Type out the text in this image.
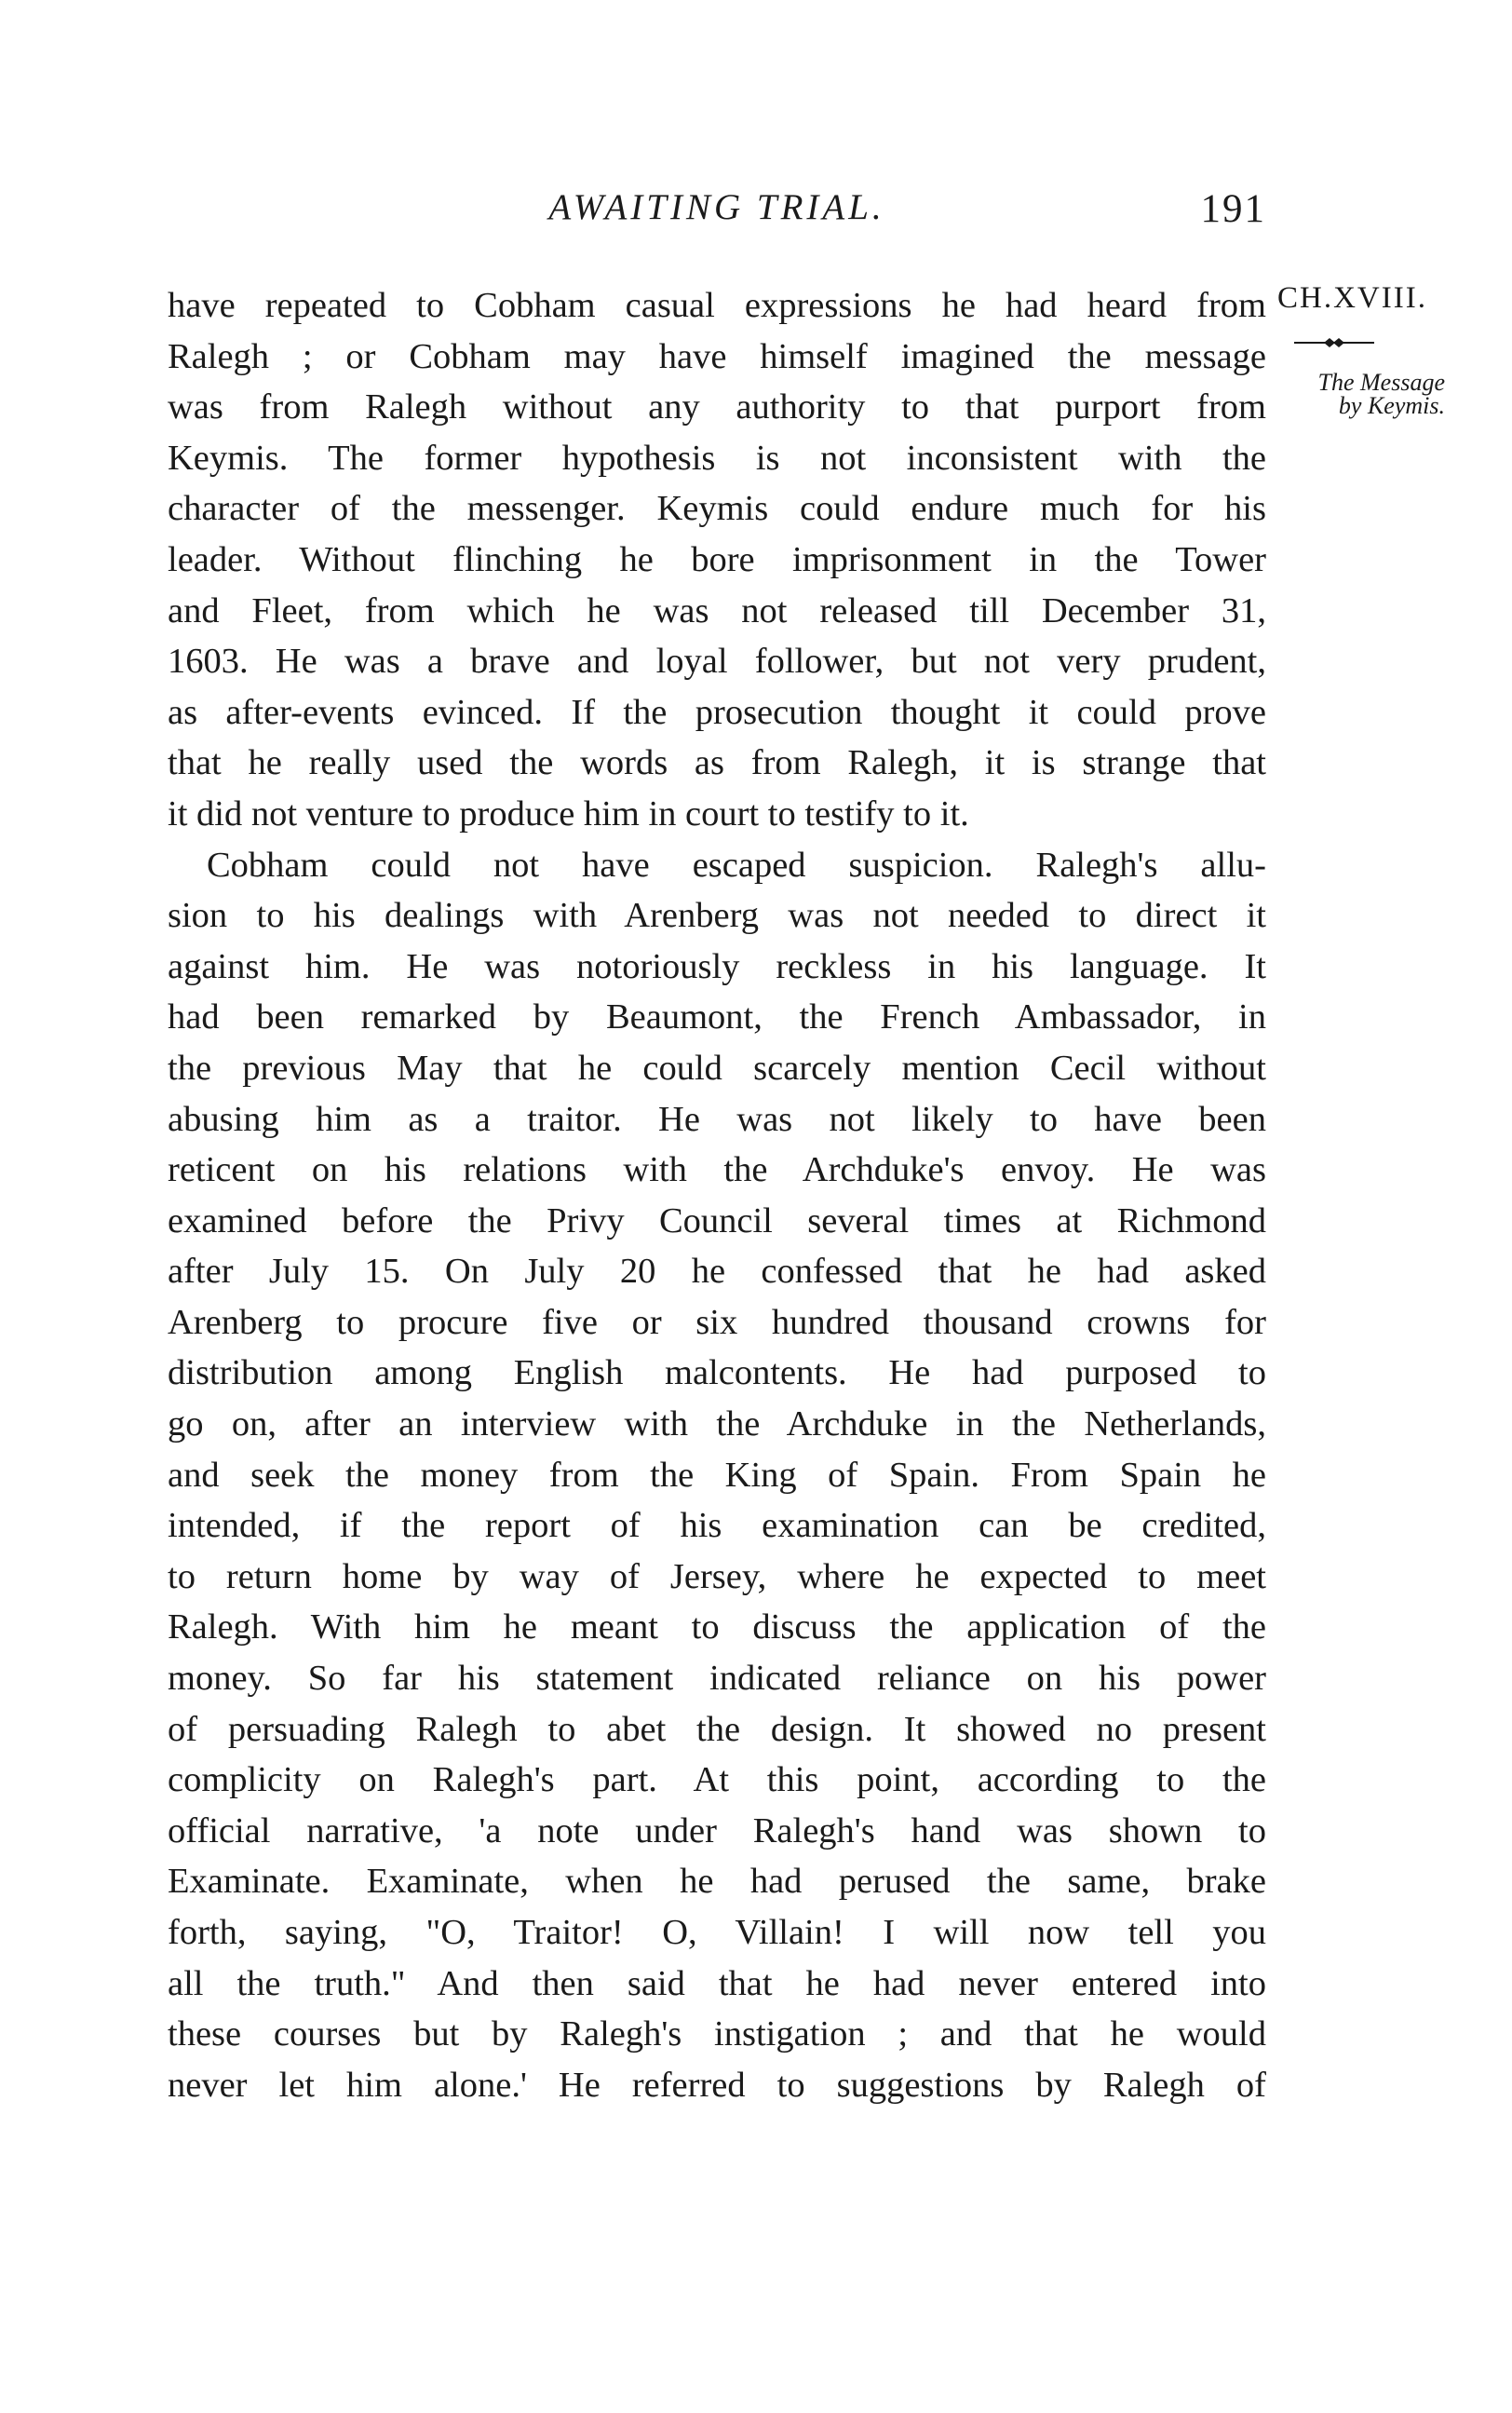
AWAITING TRIAL.	191
CH.XVIII.
The Message
by Keymis.
have repeated to Cobham casual expressions he had heard from
Ralegh ; or Cobham may have himself imagined the message
was from Ralegh without any authority to that purport from
Keymis. The former hypothesis is not inconsistent with the
character of the messenger. Keymis could endure much for his
leader. Without flinching he bore imprisonment in the Tower
and Fleet, from which he was not released till December 31,
1603. He was a brave and loyal follower, but not very prudent,
as after-events evinced. If the prosecution thought it could prove
that he really used the words as from Ralegh, it is strange that
it did not venture to produce him in court to testify to it.
Cobham could not have escaped suspicion. Ralegh's allu-
sion to his dealings with Arenberg was not needed to direct it
against him. He was notoriously reckless in his language. It
had been remarked by Beaumont, the French Ambassador, in
the previous May that he could scarcely mention Cecil without
abusing him as a traitor. He was not likely to have been
reticent on his relations with the Archduke's envoy. He was
examined before the Privy Council several times at Richmond
after July 15. On July 20 he confessed that he had asked
Arenberg to procure five or six hundred thousand crowns for
distribution among English malcontents. He had purposed to
go on, after an interview with the Archduke in the Netherlands,
and seek the money from the King of Spain. From Spain he
intended, if the report of his examination can be credited,
to return home by way of Jersey, where he expected to meet
Ralegh. With him he meant to discuss the application of the
money. So far his statement indicated reliance on his power
of persuading Ralegh to abet the design. It showed no present
complicity on Ralegh's part. At this point, according to the
official narrative, 'a note under Ralegh's hand was shown to
Examinate. Examinate, when he had perused the same, brake
forth, saying, "O, Traitor! O, Villain! I will now tell you
all the truth." And then said that he had never entered into
these courses but by Ralegh's instigation ; and that he would
never let him alone.' He referred to suggestions by Ralegh of
